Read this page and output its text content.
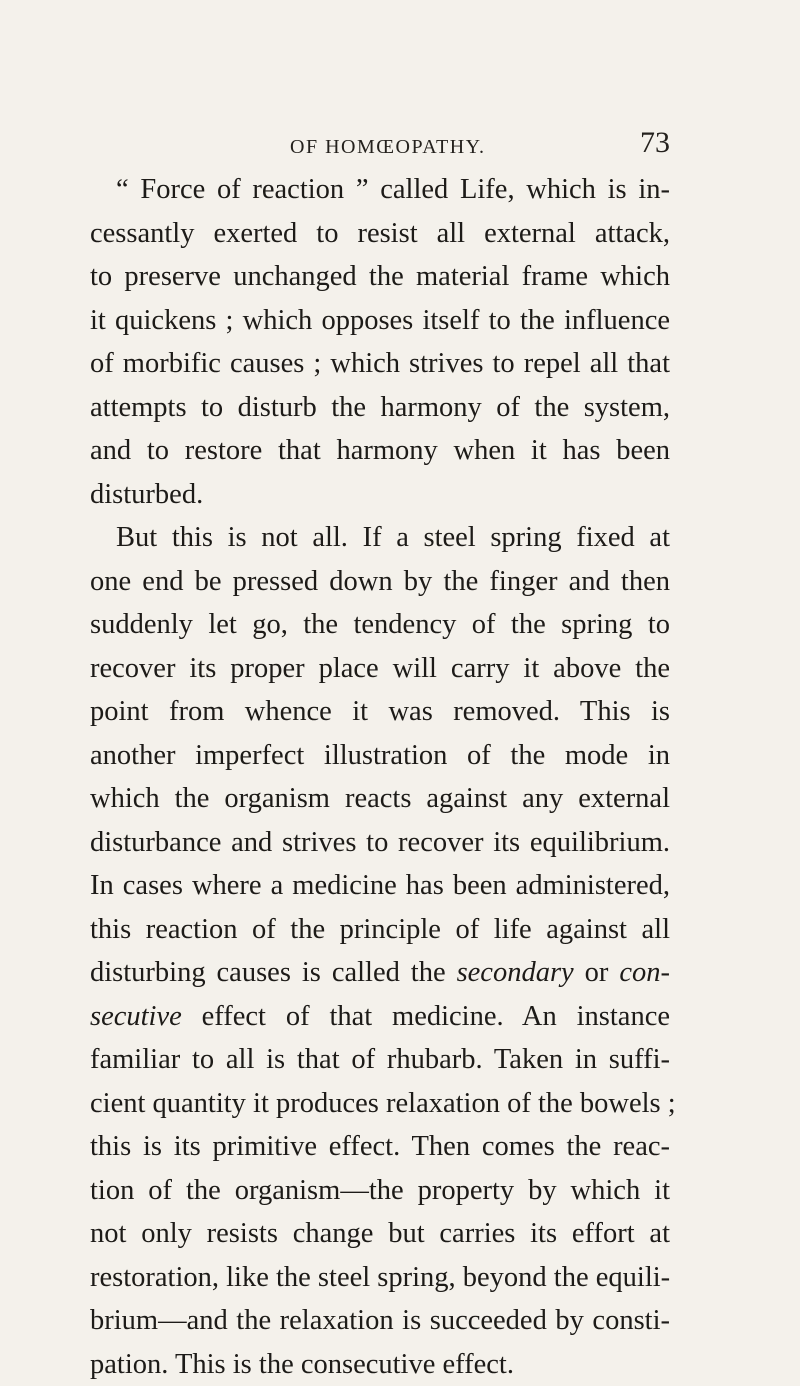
OF HOMŒOPATHY.	73
“ Force of reaction ” called Life, which is in-
cessantly exerted to resist all external attack,
to preserve unchanged the material frame which
it quickens ; which opposes itself to the influence
of morbific causes ; which strives to repel all that
attempts to disturb the harmony of the system,
and to restore that harmony when it has been
disturbed.
But this is not all. If a steel spring fixed at
one end be pressed down by the finger and then
suddenly let go, the tendency of the spring to
recover its proper place will carry it above the
point from whence it was removed. This is
another imperfect illustration of the mode in
which the organism reacts against any external
disturbance and strives to recover its equilibrium.
In cases where a medicine has been administered,
this reaction of the principle of life against all
disturbing causes is called the secondary or con-
secutive effect of that medicine. An instance
familiar to all is that of rhubarb. Taken in suffi-
cient quantity it produces relaxation of the bowels ;
this is its primitive effect. Then comes the reac-
tion of the organism—the property by which it
not only resists change but carries its effort at
restoration, like the steel spring, beyond the equili-
brium—and the relaxation is succeeded by consti-
pation. This is the consecutive effect.
